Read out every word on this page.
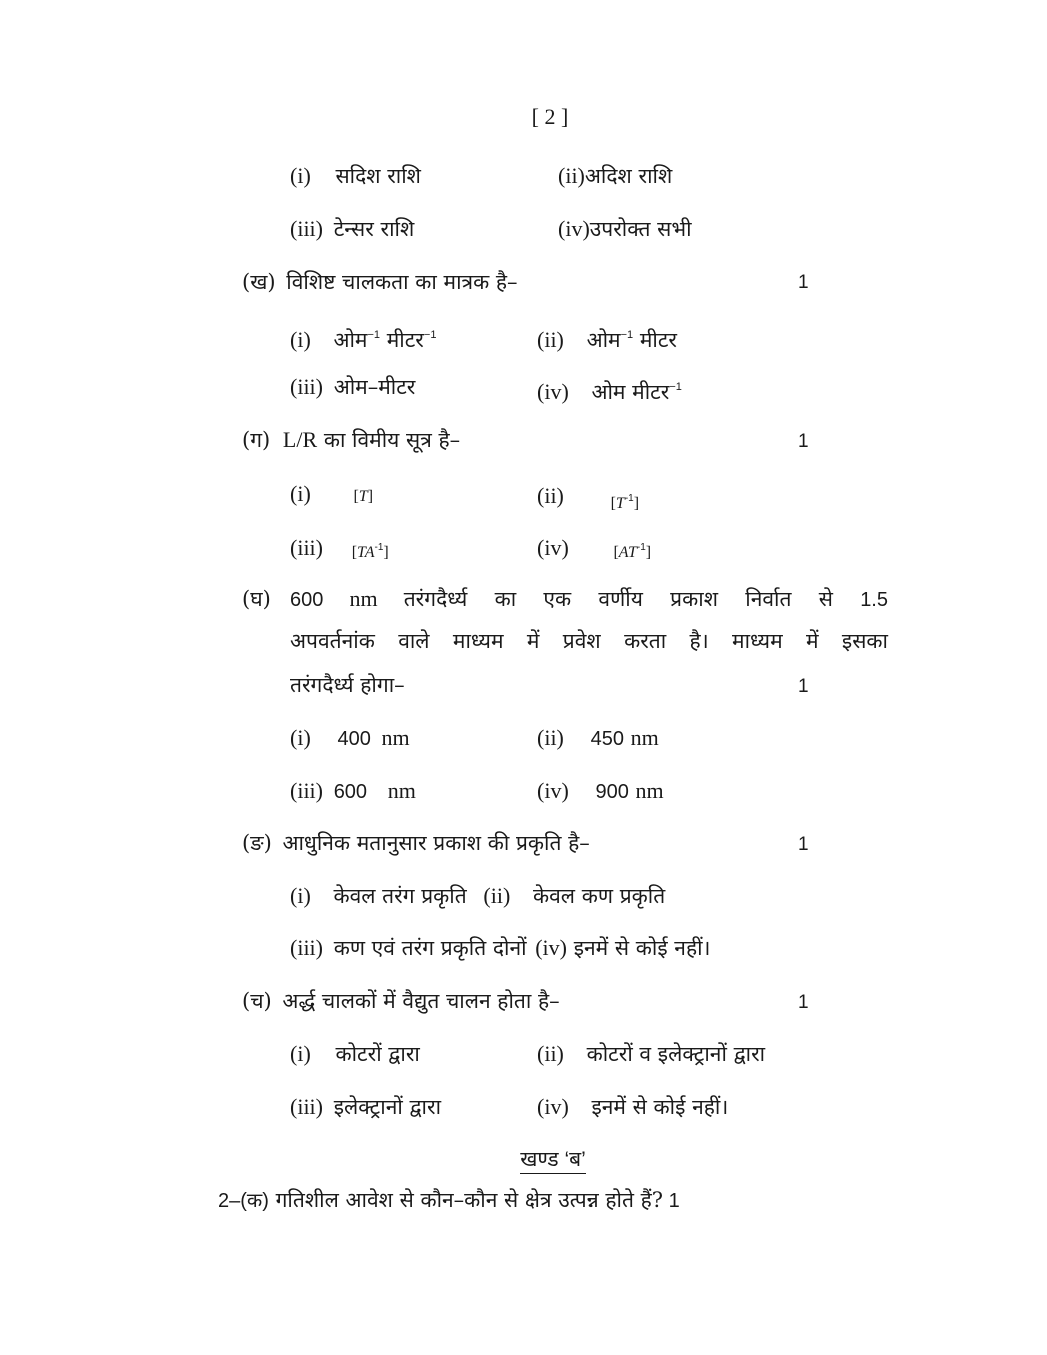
[ 2 ]
(i) सदिश राशि	(ii)अदिश राशि
(iii) टेन्सर राशि	(iv)उपरोक्त सभी
(ख) विशिष्ट चालकता का मात्रक है–	1
(i) ओम$^{-1}$ मीटर$^{-1}$	(ii) ओम$^{-1}$ मीटर
(iii) ओम–मीटर	(iv) ओम मीटर$^{-1}$
(ग) L/R का विमीय सूत्र है–	1
(i)	[T]	(ii)	$_{[T^{-1}]}$
(iii) $[TA^{-1}]$	(iv)	$[AT^{-1}]$
(घ) 600 nm तरंगदैर्ध्य का एक वर्णीय प्रकाश निर्वात से 1.5
अपवर्तनांक वाले माध्यम में प्रवेश करता है। माध्यम में इसका
तरंगदैर्ध्य होगा–	1
(i) 400 nm	(ii) 450 nm
(iii) 600 nm	(iv) 900 nm
(ङ) आधुनिक मतानुसार प्रकाश की प्रकृति है–	1
(i) केवल तरंग प्रकृति (ii) केवल कण प्रकृति
(iii) कण एवं तरंग प्रकृति दोनों (iv) इनमें से कोई नहीं।
(च) अर्द्ध चालकों में वैद्युत चालन होता है–	1
(i) कोटरों द्वारा	(ii) कोटरों व इलेक्ट्रानों द्वारा
(iii) इलेक्ट्रानों द्वारा	(iv) इनमें से कोई नहीं।
खण्ड ‘ब’
2–(क) गतिशील आवेश से कौन–कौन से क्षेत्र उत्पन्न होते हैं? 1
